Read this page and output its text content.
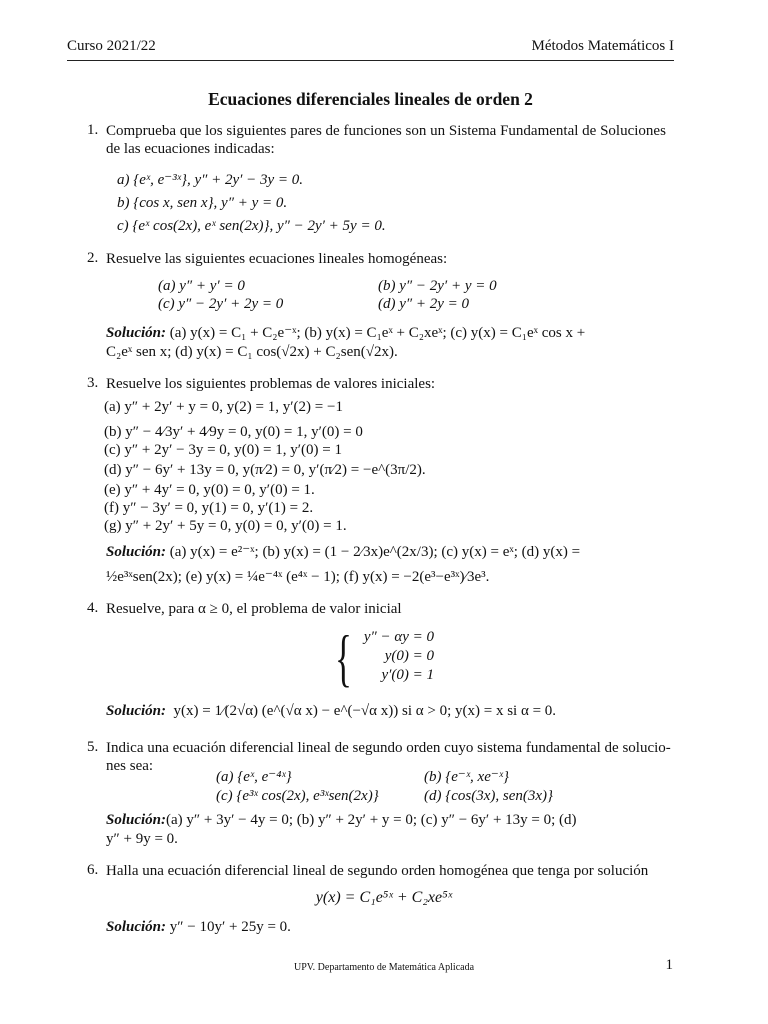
Curso 2021/22	Métodos Matemáticos I
Ecuaciones diferenciales lineales de orden 2
1. Comprueba que los siguientes pares de funciones son un Sistema Fundamental de Soluciones
de las ecuaciones indicadas:
a) {eˣ, e⁻³ˣ}, y″ + 2y′ − 3y = 0.
b) {cos x, sen x}, y″ + y = 0.
c) {eˣ cos(2x), eˣ sen(2x)}, y″ − 2y′ + 5y = 0.
2. Resuelve las siguientes ecuaciones lineales homogéneas:
(a) y″ + y′ = 0	(b) y″ − 2y′ + y = 0
(c) y″ − 2y′ + 2y = 0	(d) y″ + 2y = 0
Solución: (a) y(x) = C₁ + C₂e⁻ˣ; (b) y(x) = C₁eˣ + C₂xeˣ; (c) y(x) = C₁eˣ cos x +
C₂eˣ sen x; (d) y(x) = C₁ cos(√2x) + C₂sen(√2x).
3. Resuelve los siguientes problemas de valores iniciales:
(a) y″ + 2y′ + y = 0, y(2) = 1, y′(2) = −1
(b) y″ − 4⁄3y′ + 4⁄9y = 0, y(0) = 1, y′(0) = 0
(c) y″ + 2y′ − 3y = 0, y(0) = 1, y′(0) = 1
(d) y″ − 6y′ + 13y = 0, y(π⁄2) = 0, y′(π⁄2) = −e^(3π/2).
(e) y″ + 4y′ = 0, y(0) = 0, y′(0) = 1.
(f) y″ − 3y′ = 0, y(1) = 0, y′(1) = 2.
(g) y″ + 2y′ + 5y = 0, y(0) = 0, y′(0) = 1.
Solución: (a) y(x) = e²⁻ˣ; (b) y(x) = (1 − 2⁄3x)e^(2x/3); (c) y(x) = eˣ; (d) y(x) =
½e³ˣsen(2x); (e) y(x) = ¼e⁻⁴ˣ (e⁴ˣ − 1); (f) y(x) = −2(e³−e³ˣ)⁄3e³.
4. Resuelve, para α ≥ 0, el problema de valor inicial
{ y″ − αy = 0
y(0) = 0
y′(0) = 1
Solución: y(x) = 1⁄(2√α) (e^(√α x) − e^(−√α x)) si α > 0; y(x) = x si α = 0.
5. Indica una ecuación diferencial lineal de segundo orden cuyo sistema fundamental de solucio-
nes sea:
(a) {eˣ, e⁻⁴ˣ}	(b) {e⁻ˣ, xe⁻ˣ}
(c) {e³ˣ cos(2x), e³ˣsen(2x)}	(d) {cos(3x), sen(3x)}
Solución:(a) y″ + 3y′ − 4y = 0; (b) y″ + 2y′ + y = 0; (c) y″ − 6y′ + 13y = 0; (d)
y″ + 9y = 0.
6. Halla una ecuación diferencial lineal de segundo orden homogénea que tenga por solución
y(x) = C₁e⁵ˣ + C₂xe⁵ˣ
Solución: y″ − 10y′ + 25y = 0.
UPV. Departamento de Matemática Aplicada	1
